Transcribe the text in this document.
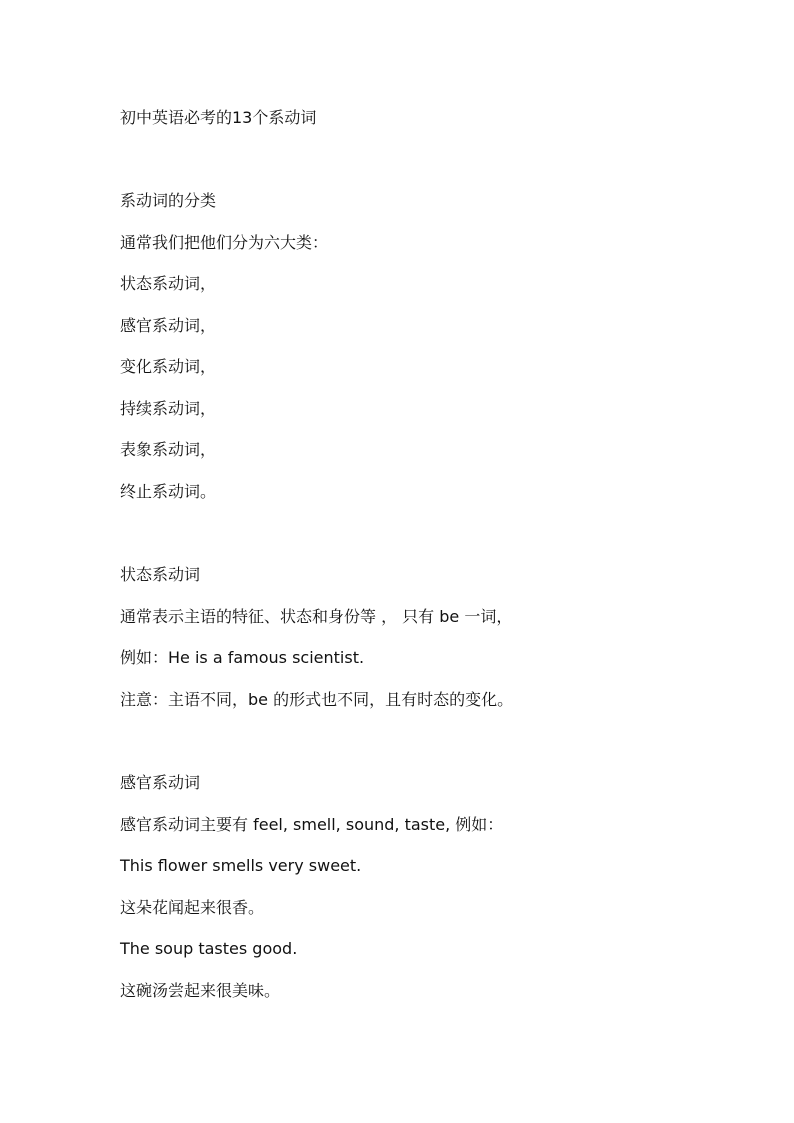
初中英语必考的13个系动词
系动词的分类
通常我们把他们分为六大类：
状态系动词，
感官系动词，
变化系动词，
持续系动词，
表象系动词，
终止系动词。
状态系动词
通常表示主语的特征、状态和身份等 ， 只有 be 一词，
例如：He is a famous scientist.
注意：主语不同，be 的形式也不同，且有时态的变化。
感官系动词
感官系动词主要有 feel, smell, sound, taste, 例如：
This flower smells very sweet.
这朵花闻起来很香。
The soup tastes good.
这碗汤尝起来很美味。
